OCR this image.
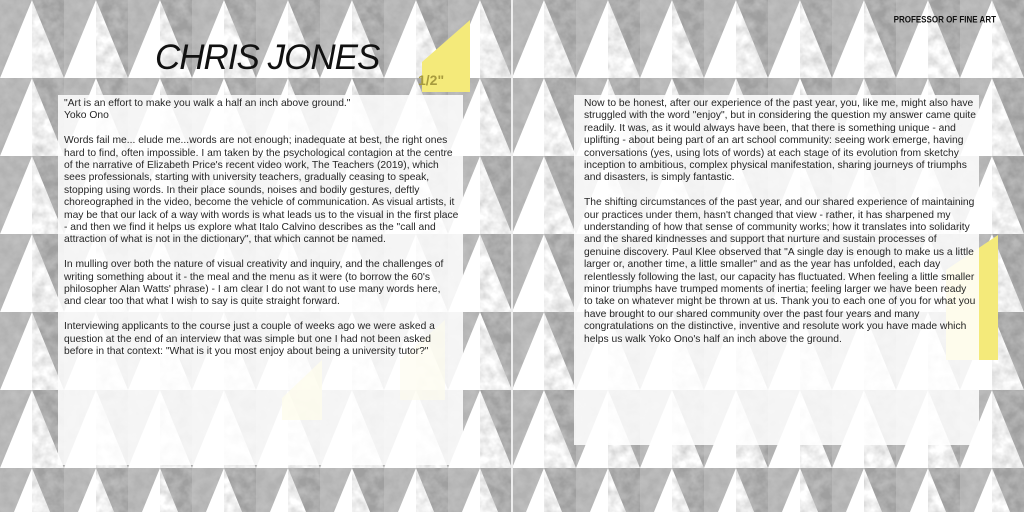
PROFESSOR OF FINE ART
CHRIS JONES
1/2"

"Art is an effort to make you walk a half an inch above ground."
Yoko Ono

Words fail me... elude me...words are not enough; inadequate at best, the right ones hard to find, often impossible. I am taken by the psychological contagion at the centre of the narrative of Elizabeth Price's recent video work, The Teachers (2019), which sees professionals, starting with university teachers, gradually ceasing to speak, stopping using words. In their place sounds, noises and bodily gestures, deftly choreographed in the video, become the vehicle of communication. As visual artists, it may be that our lack of a way with words is what leads us to the visual in the first place - and then we find it helps us explore what Italo Calvino describes as the "call and attraction of what is not in the dictionary", that which cannot be named.

In mulling over both the nature of visual creativity and inquiry, and the challenges of writing something about it - the meal and the menu as it were (to borrow the 60's philosopher Alan Watts' phrase) - I am clear I do not want to use many words here, and clear too that what I wish to say is quite straight forward.

Interviewing applicants to the course just a couple of weeks ago we were asked a question at the end of an interview that was simple but one I had not been asked before in that context: "What is it you most enjoy about being a university tutor?"

Now to be honest, after our experience of the past year, you, like me, might also have struggled with the word "enjoy", but in considering the question my answer came quite readily. It was, as it would always have been, that there is something unique - and uplifting - about being part of an art school community: seeing work emerge, having conversations (yes, using lots of words) at each stage of its evolution from sketchy inception to ambitious, complex physical manifestation, sharing journeys of triumphs and disasters, is simply fantastic.

The shifting circumstances of the past year, and our shared experience of maintaining our practices under them, hasn't changed that view - rather, it has sharpened my understanding of how that sense of community works; how it translates into solidarity and the shared kindnesses and support that nurture and sustain processes of genuine discovery. Paul Klee observed that "A single day is enough to make us a little larger or, another time, a little smaller" and as the year has unfolded, each day relentlessly following the last, our capacity has fluctuated. When feeling a little smaller minor triumphs have trumped moments of inertia; feeling larger we have been ready to take on whatever might be thrown at us. Thank you to each one of you for what you have brought to our shared community over the past four years and many congratulations on the distinctive, inventive and resolute work you have made which helps us walk Yoko Ono's half an inch above the ground.
